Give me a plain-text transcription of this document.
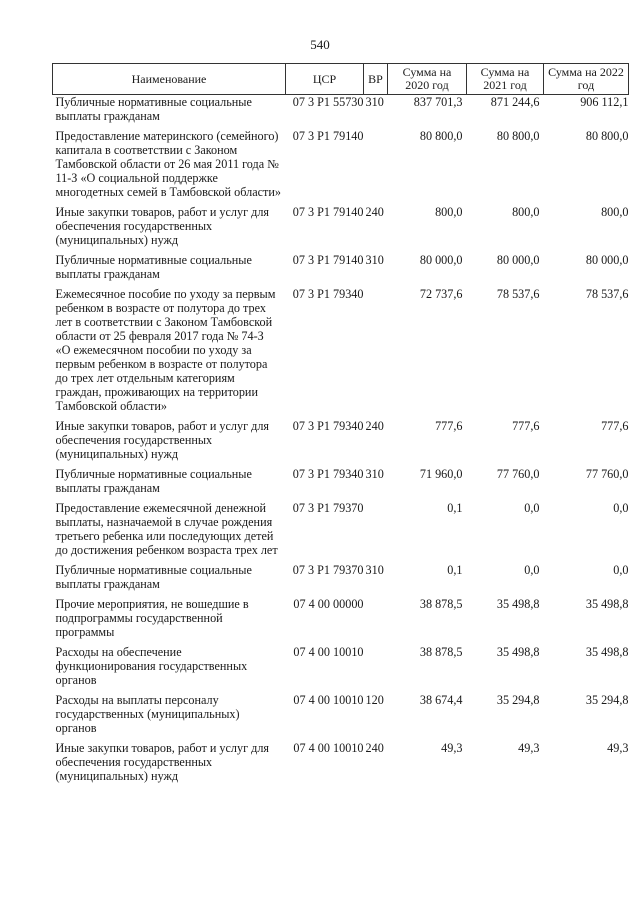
540
Наименование	ЦСР	ВР	Сумма на 2020 год	Сумма на 2021 год	Сумма на 2022 год
Публичные нормативные социальные выплаты гражданам	07 3 P1 55730	310	837 701,3	871 244,6	906 112,1
Предоставление материнского (семейного) капитала в соответствии с Законом Тамбовской области от 26 мая 2011 года № 11-З «О социальной поддержке многодетных семей в Тамбовской области»	07 3 P1 79140		80 800,0	80 800,0	80 800,0
Иные закупки товаров, работ и услуг для обеспечения государственных (муниципальных) нужд	07 3 P1 79140	240	800,0	800,0	800,0
Публичные нормативные социальные выплаты гражданам	07 3 P1 79140	310	80 000,0	80 000,0	80 000,0
Ежемесячное пособие по уходу за первым ребенком в возрасте от полутора до трех лет в соответствии с Законом Тамбовской области от 25 февраля 2017 года № 74-З «О ежемесячном пособии по уходу за первым ребенком в возрасте от полутора до трех лет отдельным категориям граждан, проживающих на территории Тамбовской области»	07 3 P1 79340		72 737,6	78 537,6	78 537,6
Иные закупки товаров, работ и услуг для обеспечения государственных (муниципальных) нужд	07 3 P1 79340	240	777,6	777,6	777,6
Публичные нормативные социальные выплаты гражданам	07 3 P1 79340	310	71 960,0	77 760,0	77 760,0
Предоставление ежемесячной денежной выплаты, назначаемой в случае рождения третьего ребенка или последующих детей до достижения ребенком возраста трех лет	07 3 P1 79370		0,1	0,0	0,0
Публичные нормативные социальные выплаты гражданам	07 3 P1 79370	310	0,1	0,0	0,0
Прочие мероприятия, не вошедшие в подпрограммы государственной программы	07 4 00 00000		38 878,5	35 498,8	35 498,8
Расходы на обеспечение функционирования государственных органов	07 4 00 10010		38 878,5	35 498,8	35 498,8
Расходы на выплаты персоналу государственных (муниципальных) органов	07 4 00 10010	120	38 674,4	35 294,8	35 294,8
Иные закупки товаров, работ и услуг для обеспечения государственных (муниципальных) нужд	07 4 00 10010	240	49,3	49,3	49,3
